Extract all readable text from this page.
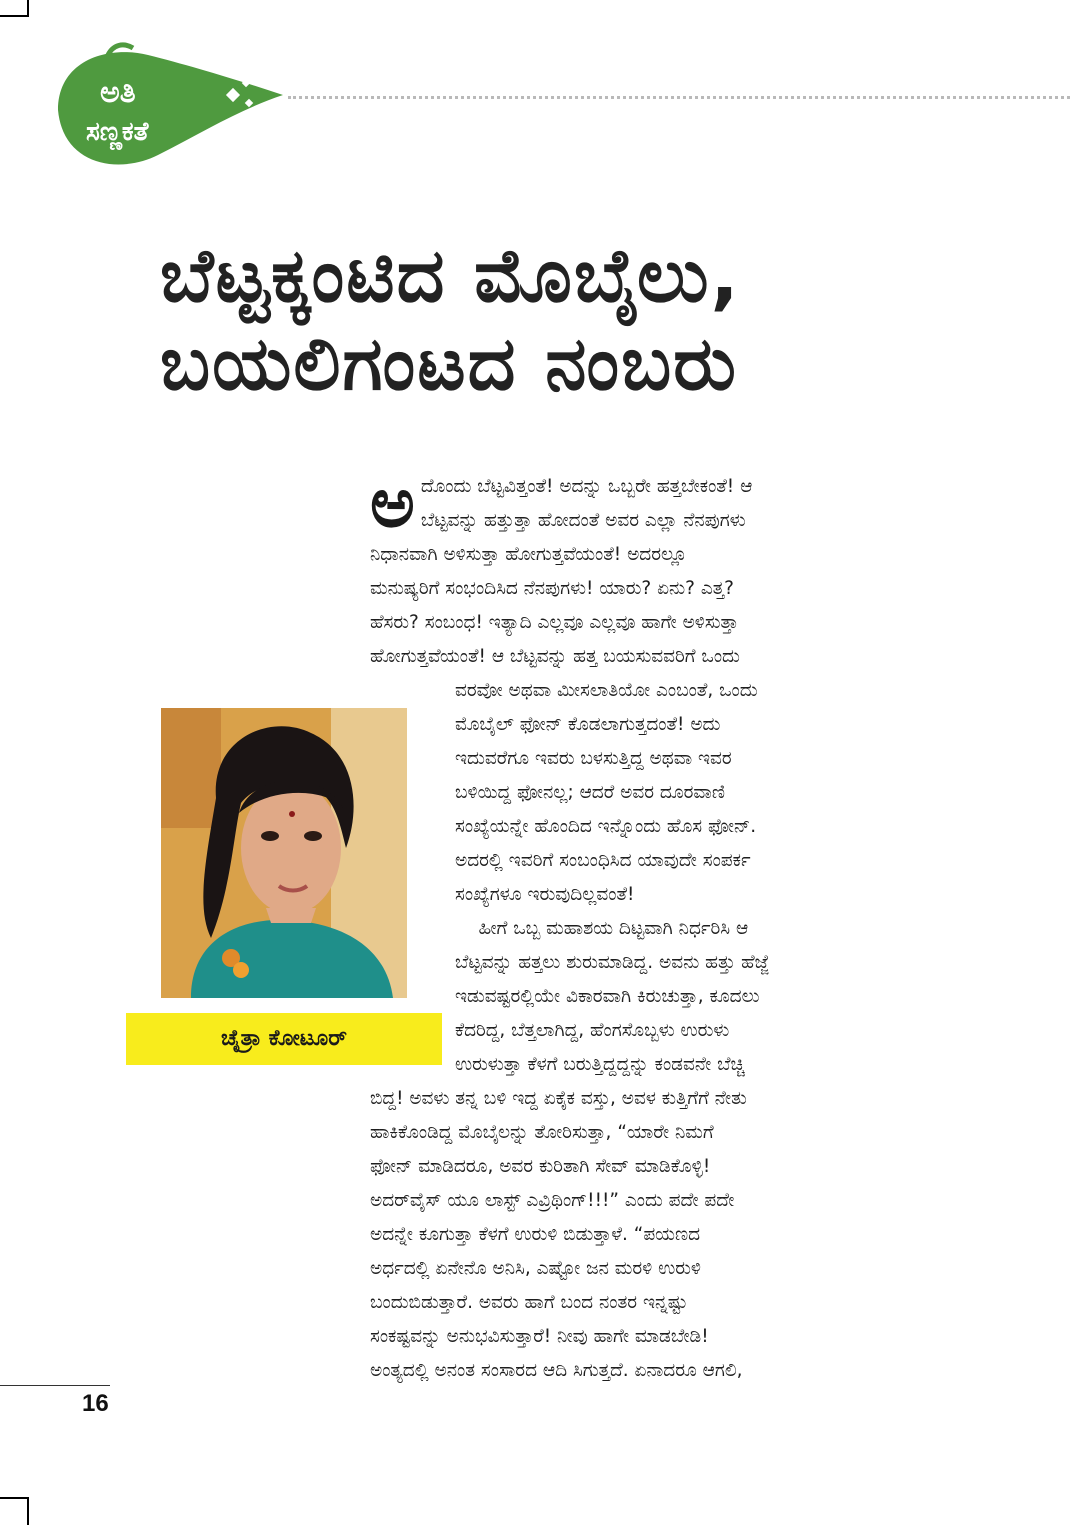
ಅತಿ
ಸಣ್ಣಕತೆ
ಬೆಟ್ಟಕ್ಕಂಟಿದ ಮೊಬೈಲು,
ಬಯಲಿಗಂಟದ ನಂಬರು
ಅ ದೊಂದು ಬೆಟ್ಟವಿತ್ತಂತೆ! ಅದನ್ನು ಒಬ್ಬರೇ ಹತ್ತಬೇಕಂತೆ! ಆ
ಬೆಟ್ಟವನ್ನು ಹತ್ತುತ್ತಾ ಹೋದಂತೆ ಅವರ ಎಲ್ಲಾ ನೆನಪುಗಳು
ನಿಧಾನವಾಗಿ ಅಳಿಸುತ್ತಾ ಹೋಗುತ್ತವೆಯಂತೆ! ಅದರಲ್ಲೂ
ಮನುಷ್ಯರಿಗೆ ಸಂಭಂದಿಸಿದ ನೆನಪುಗಳು! ಯಾರು? ಏನು? ಎತ್ತ?
ಹೆಸರು? ಸಂಬಂಧ! ಇತ್ಯಾದಿ ಎಲ್ಲವೂ ಎಲ್ಲವೂ ಹಾಗೇ ಅಳಿಸುತ್ತಾ
ಹೋಗುತ್ತವೆಯಂತೆ! ಆ ಬೆಟ್ಟವನ್ನು ಹತ್ತ ಬಯಸುವವರಿಗೆ ಒಂದು
ವರವೋ ಅಥವಾ ಮೀಸಲಾತಿಯೋ ಎಂಬಂತೆ, ಒಂದು
ಮೊಬೈಲ್ ಫೋನ್ ಕೊಡಲಾಗುತ್ತದಂತೆ! ಅದು
ಇದುವರೆಗೂ ಇವರು ಬಳಸುತ್ತಿದ್ದ ಅಥವಾ ಇವರ
ಬಳಿಯಿದ್ದ ಫೋನಲ್ಲ; ಆದರೆ ಅವರ ದೂರವಾಣಿ
ಸಂಖ್ಯೆಯನ್ನೇ ಹೊಂದಿದ ಇನ್ನೊಂದು ಹೊಸ ಫೋನ್.
ಅದರಲ್ಲಿ ಇವರಿಗೆ ಸಂಬಂಧಿಸಿದ ಯಾವುದೇ ಸಂಪರ್ಕ
ಸಂಖ್ಯೆಗಳೂ ಇರುವುದಿಲ್ಲವಂತೆ!
ಹೀಗೆ ಒಬ್ಬ ಮಹಾಶಯ ದಿಟ್ಟವಾಗಿ ನಿರ್ಧರಿಸಿ ಆ
ಬೆಟ್ಟವನ್ನು ಹತ್ತಲು ಶುರುಮಾಡಿದ್ದ. ಅವನು ಹತ್ತು ಹೆಜ್ಜೆ
ಇಡುವಷ್ಟರಲ್ಲಿಯೇ ವಿಕಾರವಾಗಿ ಕಿರುಚುತ್ತಾ, ಕೂದಲು
ಕೆದರಿದ್ದ, ಬೆತ್ತಲಾಗಿದ್ದ, ಹೆಂಗಸೊಬ್ಬಳು ಉರುಳು
ಉರುಳುತ್ತಾ ಕೆಳಗೆ ಬರುತ್ತಿದ್ದದ್ದನ್ನು ಕಂಡವನೇ ಬೆಚ್ಚಿ
ಬಿದ್ದ! ಅವಳು ತನ್ನ ಬಳಿ ಇದ್ದ ಏಕೈಕ ವಸ್ತು, ಅವಳ ಕುತ್ತಿಗೆಗೆ ನೇತು
ಹಾಕಿಕೊಂಡಿದ್ದ ಮೊಬೈಲನ್ನು ತೋರಿಸುತ್ತಾ, “ಯಾರೇ ನಿಮಗೆ
ಫೋನ್ ಮಾಡಿದರೂ, ಅವರ ಕುರಿತಾಗಿ ಸೇವ್ ಮಾಡಿಕೊಳ್ಳಿ!
ಅದರ್‌ವೈಸ್ ಯೂ ಲಾಸ್ಟ್ ಎವ್ರಿಥಿಂಗ್!!!” ಎಂದು ಪದೇ ಪದೇ
ಅದನ್ನೇ ಕೂಗುತ್ತಾ ಕೆಳಗೆ ಉರುಳಿ ಬಿಡುತ್ತಾಳೆ. “ಪಯಣದ
ಅರ್ಧದಲ್ಲಿ ಏನೇನೊ ಅನಿಸಿ, ಎಷ್ಟೋ ಜನ ಮರಳಿ ಉರುಳಿ
ಬಂದುಬಿಡುತ್ತಾರೆ. ಅವರು ಹಾಗೆ ಬಂದ ನಂತರ ಇನ್ನಷ್ಟು
ಸಂಕಷ್ಟವನ್ನು ಅನುಭವಿಸುತ್ತಾರೆ! ನೀವು ಹಾಗೇ ಮಾಡಬೇಡಿ!
ಅಂತ್ಯದಲ್ಲಿ ಅನಂತ ಸಂಸಾರದ ಆದಿ ಸಿಗುತ್ತದೆ. ಏನಾದರೂ ಆಗಲಿ,
ಚೈತ್ರಾ ಕೋಟೂರ್
16
